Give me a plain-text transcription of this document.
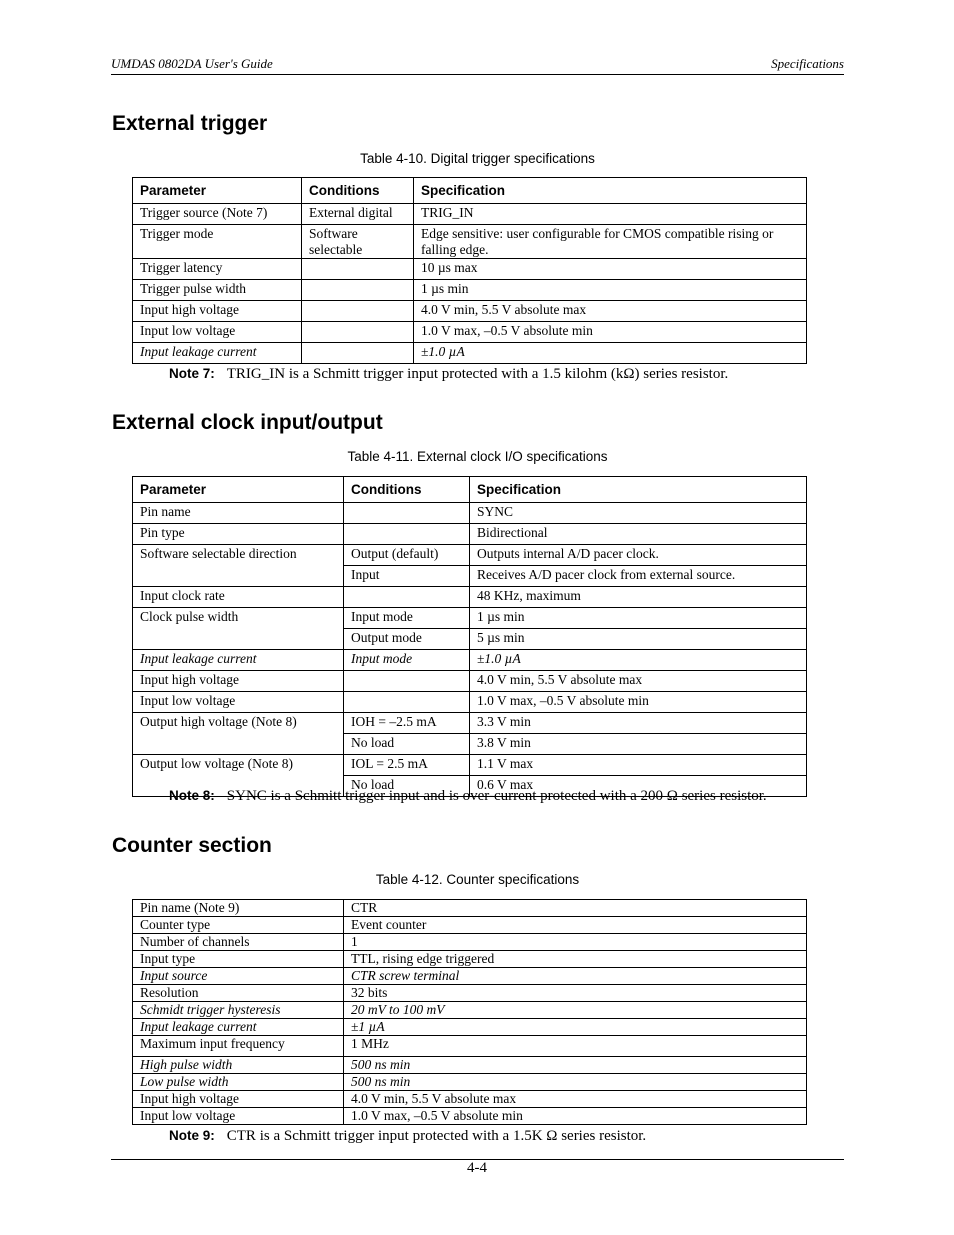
UMDAS 0802DA User's Guide	Specifications
External trigger
Table 4-10. Digital trigger specifications
Parameter	Conditions	Specification
Trigger source (Note 7)	External digital	TRIG_IN
Trigger mode	Software selectable	Edge sensitive: user configurable for CMOS compatible rising or falling edge.
Trigger latency		10 µs max
Trigger pulse width		1 µs min
Input high voltage		4.0 V min, 5.5 V absolute max
Input low voltage		1.0 V max, –0.5 V absolute min
Input leakage current		±1.0 µA
Note 7: TRIG_IN is a Schmitt trigger input protected with a 1.5 kilohm (kΩ) series resistor.
External clock input/output
Table 4-11. External clock I/O specifications
Parameter	Conditions	Specification
Pin name		SYNC
Pin type		Bidirectional
Software selectable direction	Output (default)	Outputs internal A/D pacer clock.
	Input	Receives A/D pacer clock from external source.
Input clock rate		48 KHz, maximum
Clock pulse width	Input mode	1 µs min
	Output mode	5 µs min
Input leakage current	Input mode	±1.0 µA
Input high voltage		4.0 V min, 5.5 V absolute max
Input low voltage		1.0 V max, –0.5 V absolute min
Output high voltage (Note 8)	IOH = –2.5 mA	3.3 V min
	No load	3.8 V min
Output low voltage (Note 8)	IOL = 2.5 mA	1.1 V max
	No load	0.6 V max
Note 8: SYNC is a Schmitt trigger input and is over-current protected with a 200 Ω series resistor.
Counter section
Table 4-12. Counter specifications
Pin name (Note 9)	CTR
Counter type	Event counter
Number of channels	1
Input type	TTL, rising edge triggered
Input source	CTR screw terminal
Resolution	32 bits
Schmidt trigger hysteresis	20 mV to 100 mV
Input leakage current	±1 µA
Maximum input frequency	1 MHz
High pulse width	500 ns min
Low pulse width	500 ns min
Input high voltage	4.0 V min, 5.5 V absolute max
Input low voltage	1.0 V max, –0.5 V absolute min
Note 9: CTR is a Schmitt trigger input protected with a 1.5K Ω series resistor.
4-4
